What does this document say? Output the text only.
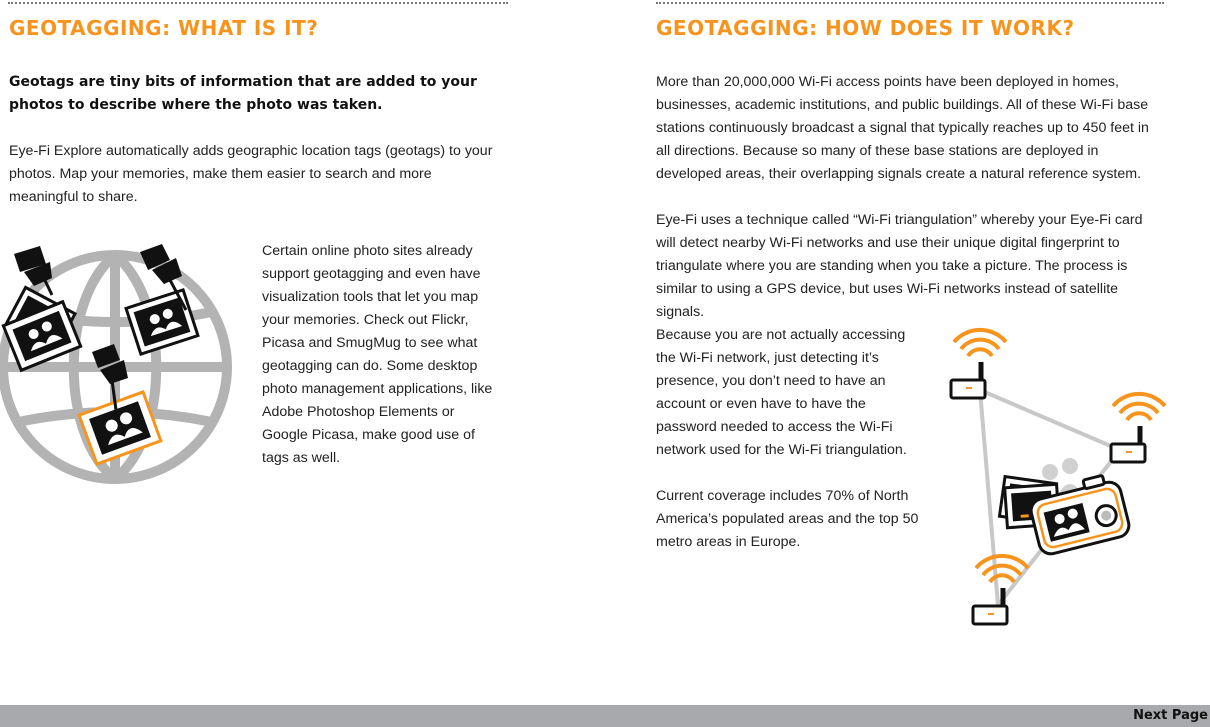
GEOTAGGING: WHAT IS IT?

Geotags are tiny bits of information that are added to your photos to describe where the photo was taken.

Eye-Fi Explore automatically adds geographic location tags (geotags) to your photos. Map your memories, make them easier to search and more meaningful to share.

Certain online photo sites already support geotagging and even have visualization tools that let you map your memories. Check out Flickr, Picasa and SmugMug to see what geotagging can do. Some desktop photo management applications, like Adobe Photoshop Elements or Google Picasa, make good use of tags as well.

GEOTAGGING: HOW DOES IT WORK?

More than 20,000,000 Wi-Fi access points have been deployed in homes, businesses, academic institutions, and public buildings. All of these Wi-Fi base stations continuously broadcast a signal that typically reaches up to 450 feet in all directions. Because so many of these base stations are deployed in developed areas, their overlapping signals create a natural reference system.

Eye-Fi uses a technique called “Wi-Fi triangulation” whereby your Eye-Fi card will detect nearby Wi-Fi networks and use their unique digital fingerprint to triangulate where you are standing when you take a picture. The process is similar to using a GPS device, but uses Wi-Fi networks instead of satellite signals.

Because you are not actually accessing the Wi-Fi network, just detecting it’s presence, you don’t need to have an account or even have to have the password needed to access the Wi-Fi network used for the Wi-Fi triangulation.

Current coverage includes 70% of North America’s populated areas and the top 50 metro areas in Europe.

Next Page
